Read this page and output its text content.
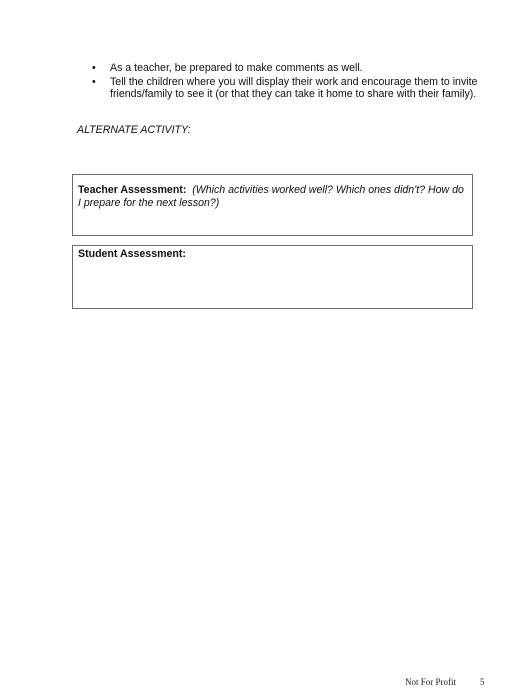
• As a teacher, be prepared to make comments as well.
• Tell the children where you will display their work and encourage them to invite friends/family to see it (or that they can take it home to share with their family).
ALTERNATE ACTIVITY:
Teacher Assessment: (Which activities worked well? Which ones didn't? How do I prepare for the next lesson?)
Student Assessment:
Not For Profit	5
